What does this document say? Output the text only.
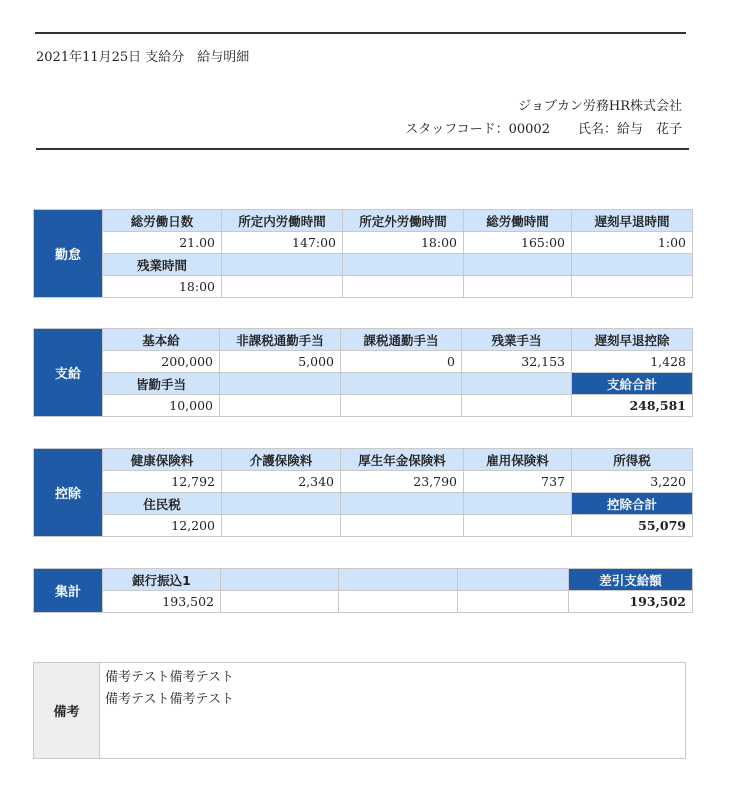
2021年11月25日 支給分　給与明細
ジョブカン労務HR株式会社
スタッフコード：00002 氏名：給与　花子
勤怠	総労働日数	所定内労働時間	所定外労働時間	総労働時間	遅刻早退時間
	21.00	147:00	18:00	165:00	1:00
	残業時間				
	18:00				
支給	基本給	非課税通勤手当	課税通勤手当	残業手当	遅刻早退控除
	200,000	5,000	0	32,153	1,428
	皆勤手当				支給合計
	10,000				248,581
控除	健康保険料	介護保険料	厚生年金保険料	雇用保険料	所得税
	12,792	2,340	23,790	737	3,220
	住民税				控除合計
	12,200				55,079
集計	銀行振込1				差引支給額
	193,502				193,502
備考
備考テスト備考テスト
備考テスト備考テスト
